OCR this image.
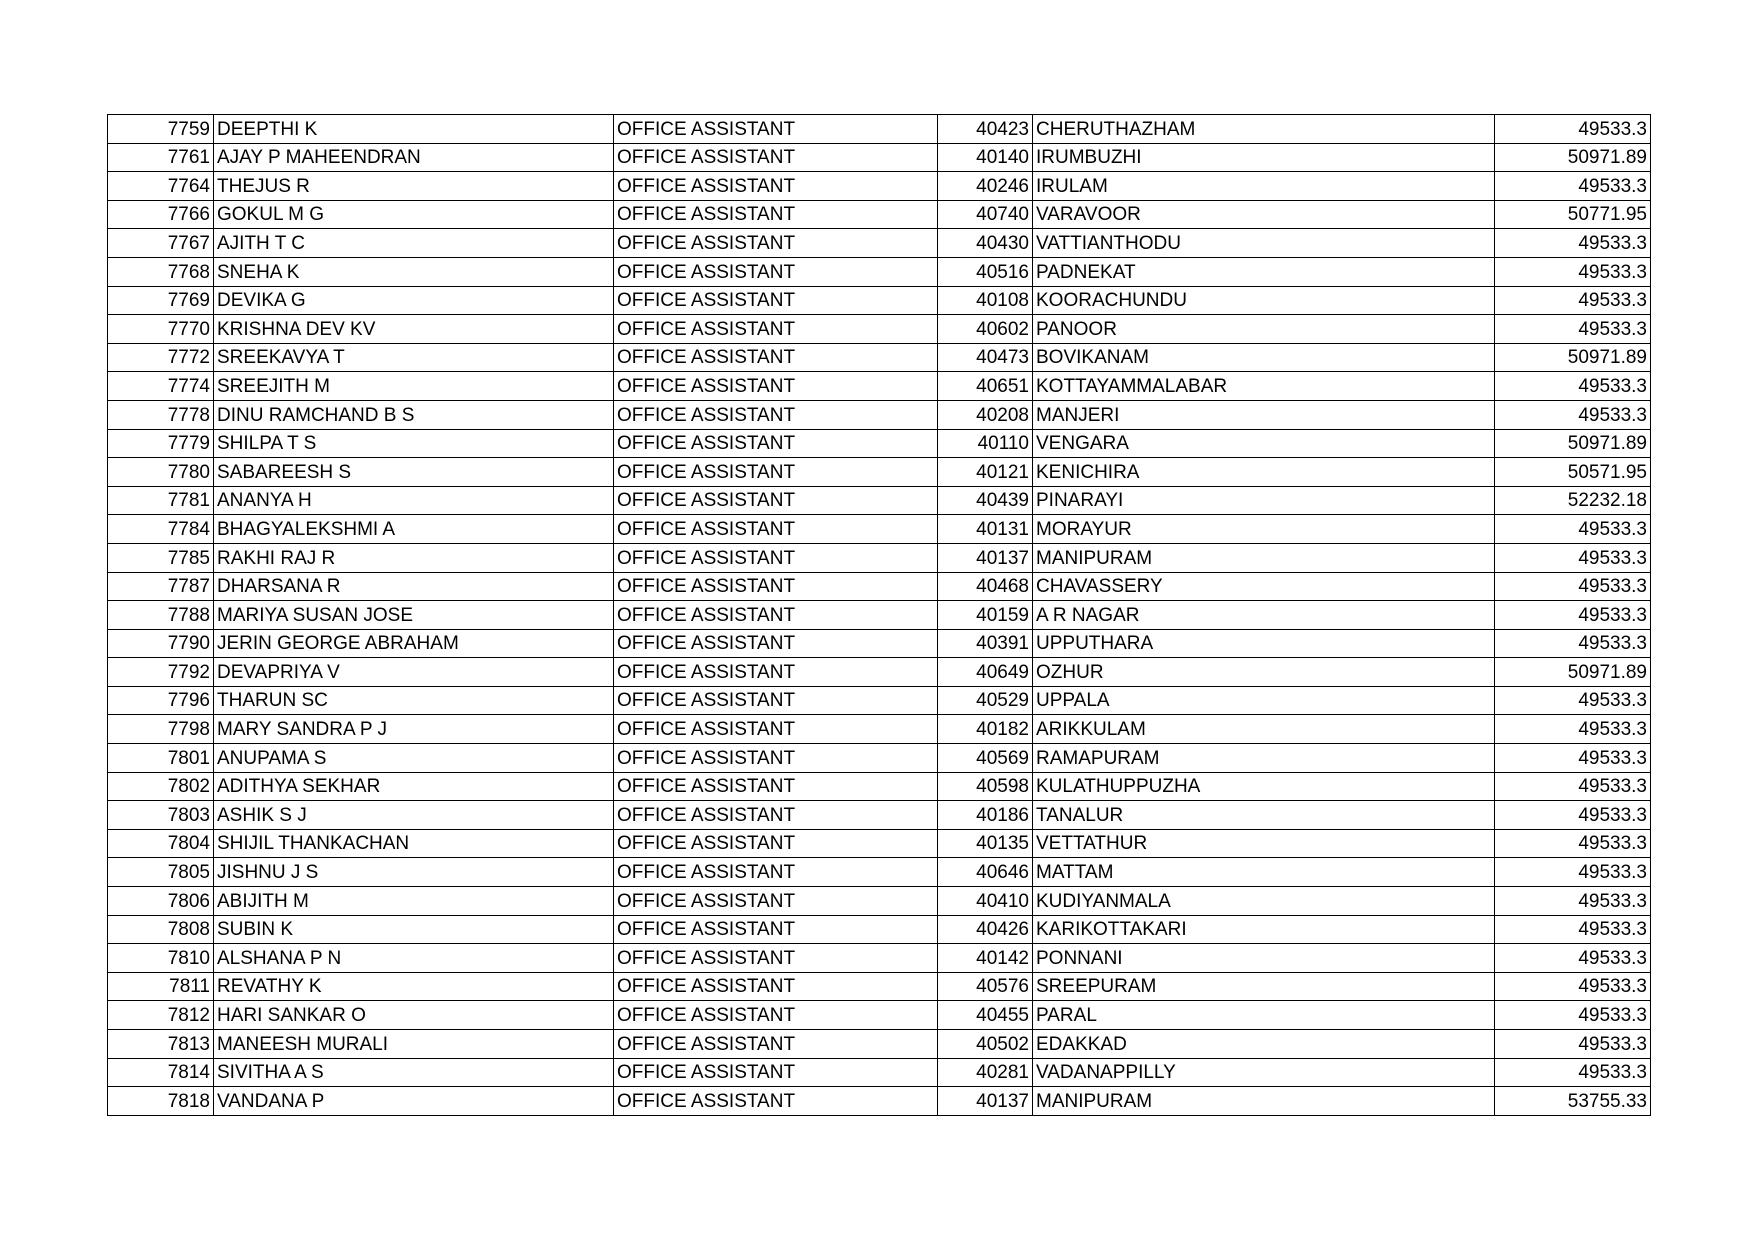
7759	DEEPTHI K	OFFICE ASSISTANT	40423	CHERUTHAZHAM	49533.3
7761	AJAY P MAHEENDRAN	OFFICE ASSISTANT	40140	IRUMBUZHI	50971.89
7764	THEJUS R	OFFICE ASSISTANT	40246	IRULAM	49533.3
7766	GOKUL M G	OFFICE ASSISTANT	40740	VARAVOOR	50771.95
7767	AJITH T C	OFFICE ASSISTANT	40430	VATTIANTHODU	49533.3
7768	SNEHA K	OFFICE ASSISTANT	40516	PADNEKAT	49533.3
7769	DEVIKA G	OFFICE ASSISTANT	40108	KOORACHUNDU	49533.3
7770	KRISHNA DEV KV	OFFICE ASSISTANT	40602	PANOOR	49533.3
7772	SREEKAVYA T	OFFICE ASSISTANT	40473	BOVIKANAM	50971.89
7774	SREEJITH M	OFFICE ASSISTANT	40651	KOTTAYAMMALABAR	49533.3
7778	DINU RAMCHAND B S	OFFICE ASSISTANT	40208	MANJERI	49533.3
7779	SHILPA T S	OFFICE ASSISTANT	40110	VENGARA	50971.89
7780	SABAREESH S	OFFICE ASSISTANT	40121	KENICHIRA	50571.95
7781	ANANYA H	OFFICE ASSISTANT	40439	PINARAYI	52232.18
7784	BHAGYALEKSHMI A	OFFICE ASSISTANT	40131	MORAYUR	49533.3
7785	RAKHI RAJ R	OFFICE ASSISTANT	40137	MANIPURAM	49533.3
7787	DHARSANA R	OFFICE ASSISTANT	40468	CHAVASSERY	49533.3
7788	MARIYA SUSAN JOSE	OFFICE ASSISTANT	40159	A R NAGAR	49533.3
7790	JERIN GEORGE ABRAHAM	OFFICE ASSISTANT	40391	UPPUTHARA	49533.3
7792	DEVAPRIYA V	OFFICE ASSISTANT	40649	OZHUR	50971.89
7796	THARUN SC	OFFICE ASSISTANT	40529	UPPALA	49533.3
7798	MARY SANDRA P J	OFFICE ASSISTANT	40182	ARIKKULAM	49533.3
7801	ANUPAMA S	OFFICE ASSISTANT	40569	RAMAPURAM	49533.3
7802	ADITHYA SEKHAR	OFFICE ASSISTANT	40598	KULATHUPPUZHA	49533.3
7803	ASHIK S J	OFFICE ASSISTANT	40186	TANALUR	49533.3
7804	SHIJIL THANKACHAN	OFFICE ASSISTANT	40135	VETTATHUR	49533.3
7805	JISHNU J S	OFFICE ASSISTANT	40646	MATTAM	49533.3
7806	ABIJITH M	OFFICE ASSISTANT	40410	KUDIYANMALA	49533.3
7808	SUBIN K	OFFICE ASSISTANT	40426	KARIKOTTAKARI	49533.3
7810	ALSHANA P N	OFFICE ASSISTANT	40142	PONNANI	49533.3
7811	REVATHY K	OFFICE ASSISTANT	40576	SREEPURAM	49533.3
7812	HARI SANKAR O	OFFICE ASSISTANT	40455	PARAL	49533.3
7813	MANEESH MURALI	OFFICE ASSISTANT	40502	EDAKKAD	49533.3
7814	SIVITHA A S	OFFICE ASSISTANT	40281	VADANAPPILLY	49533.3
7818	VANDANA P	OFFICE ASSISTANT	40137	MANIPURAM	53755.33
